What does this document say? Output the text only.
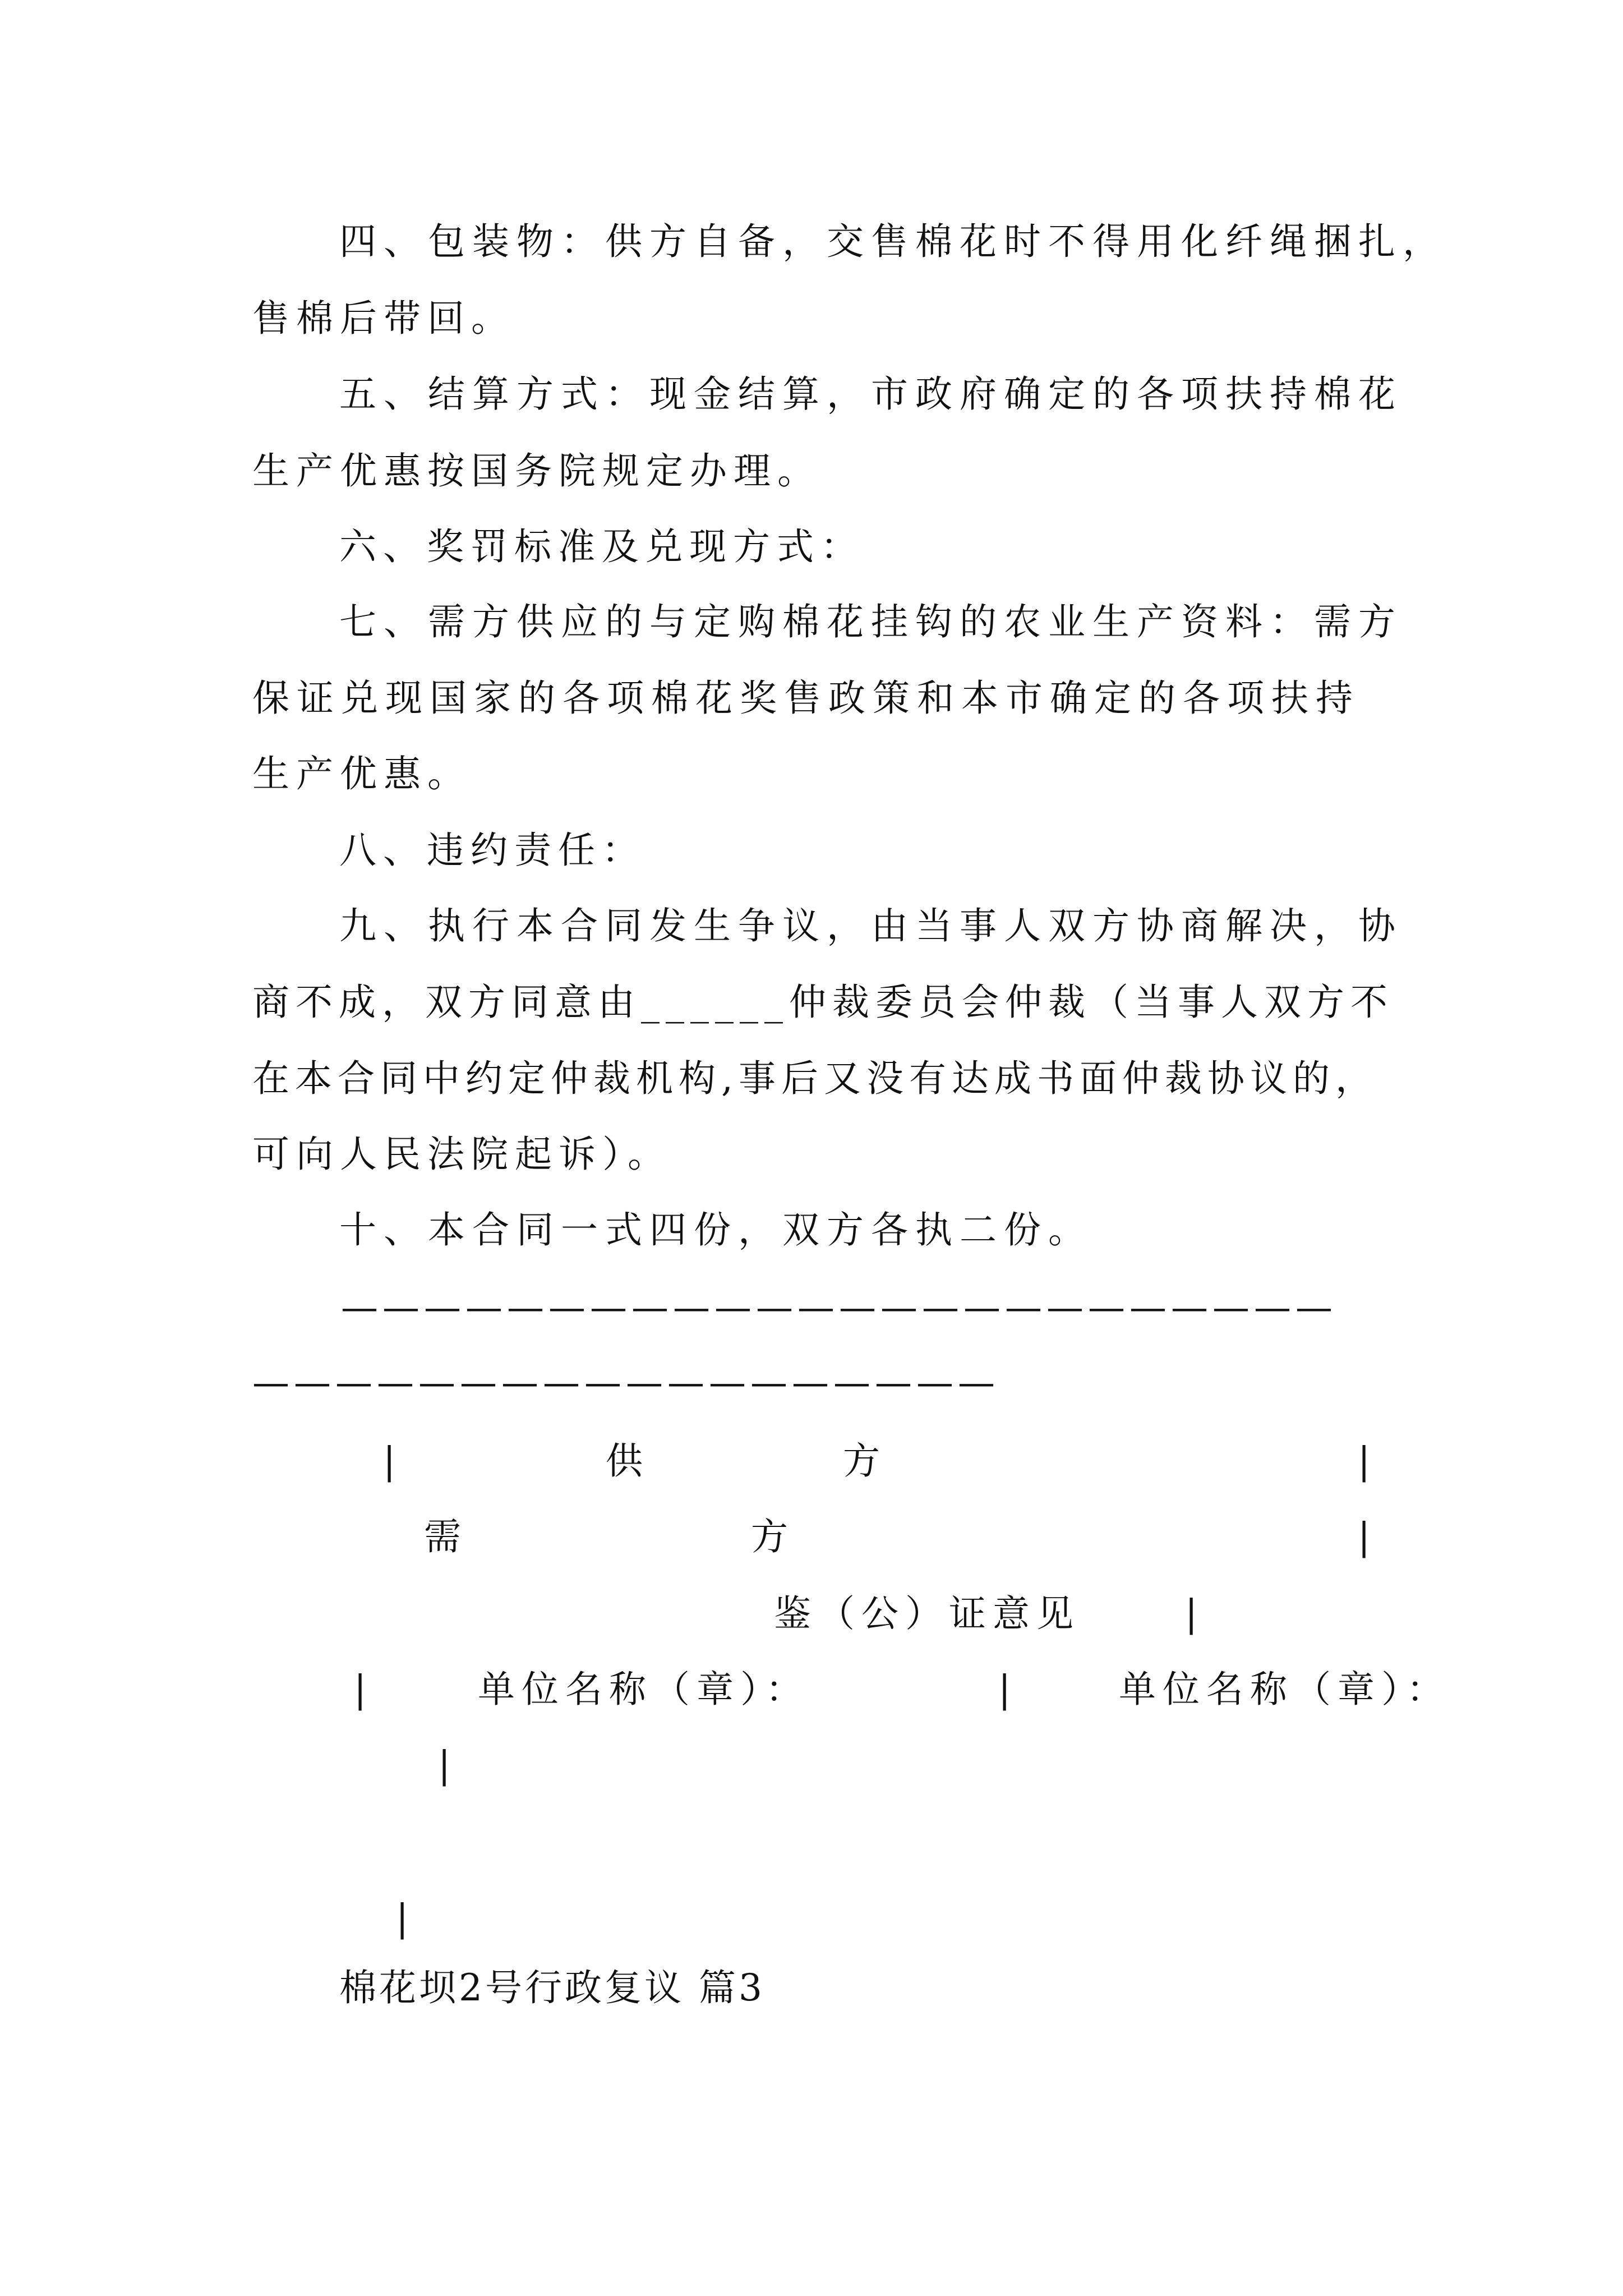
四、包装物：供方自备，交售棉花时不得用化纤绳捆扎，
售棉后带回。
五、结算方式：现金结算，市政府确定的各项扶持棉花
生产优惠按国务院规定办理。
六、奖罚标准及兑现方式：
七、需方供应的与定购棉花挂钩的农业生产资料：需方
保证兑现国家的各项棉花奖售政策和本市确定的各项扶持
生产优惠。
八、违约责任：
九、执行本合同发生争议，由当事人双方协商解决，协
商不成，双方同意由______仲裁委员会仲裁（当事人双方不
在本合同中约定仲裁机构,事后又没有达成书面仲裁协议的，
可向人民法院起诉）。
十、本合同一式四份，双方各执二份。
————————————————————————
——————————————————
|	供	方	|
需	方	|
鉴（公）证意见	|
|	单位名称（章）：	|	单位名称（章）：
|
|
棉花坝2号行政复议 篇3
